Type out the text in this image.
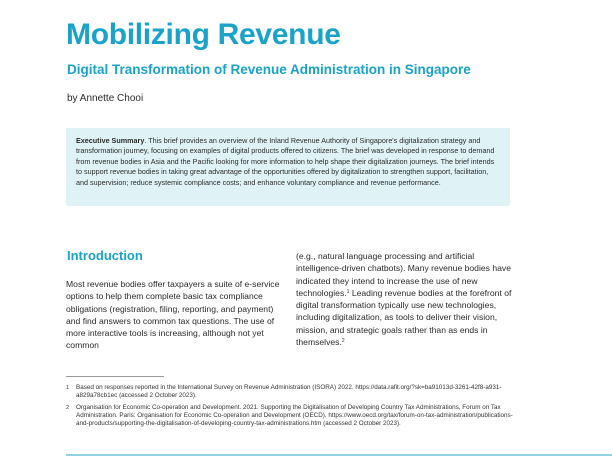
Mobilizing Revenue
Digital Transformation of Revenue Administration in Singapore
by Annette Chooi

Executive Summary. This brief provides an overview of the Inland Revenue Authority of Singapore's digitalization strategy and transformation journey, focusing on examples of digital products offered to citizens. The brief was developed in response to demand from revenue bodies in Asia and the Pacific looking for more information to help shape their digitalization journeys. The brief intends to support revenue bodies in taking great advantage of the opportunities offered by digitalization to strengthen support, facilitation, and supervision; reduce systemic compliance costs; and enhance voluntary compliance and revenue performance.

Introduction

Most revenue bodies offer taxpayers a suite of e-service options to help them complete basic tax compliance obligations (registration, filing, reporting, and payment) and find answers to common tax questions. The use of more interactive tools is increasing, although not yet common

(e.g., natural language processing and artificial intelligence-driven chatbots). Many revenue bodies have indicated they intend to increase the use of new technologies.$^1$ Leading revenue bodies at the forefront of digital transformation typically use new technologies, including digitalization, as tools to deliver their vision, mission, and strategic goals rather than as ends in themselves.$^2$

1	Based on responses reported in the International Survey on Revenue Administration (ISORA) 2022. https://data.rafit.org/?sk=ba91013d-3261-42f8-a931-a829a78cb1ec (accessed 2 October 2023).
2	Organisation for Economic Co-operation and Development. 2021. Supporting the Digitalisation of Developing Country Tax Administrations, Forum on Tax Administration. Paris: Organisation for Economic Co-operation and Development (OECD). https://www.oecd.org/tax/forum-on-tax-administration/publications-and-products/supporting-the-digitalisation-of-developing-country-tax-administrations.htm (accessed 2 October 2023).
